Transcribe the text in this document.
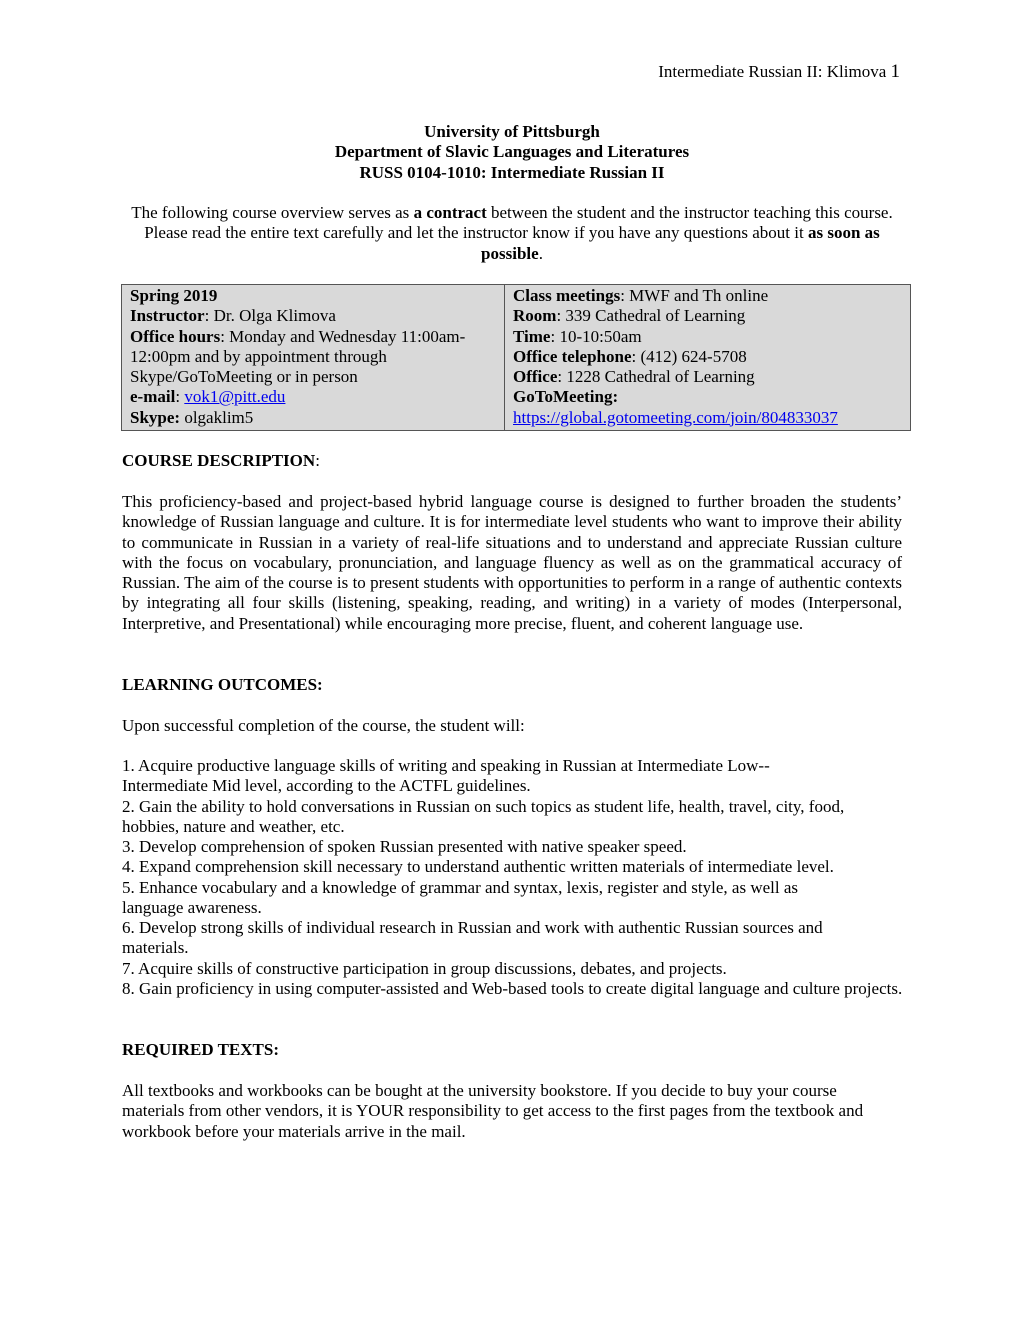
Intermediate Russian II: Klimova 1
University of Pittsburgh
Department of Slavic Languages and Literatures
RUSS 0104-1010: Intermediate Russian II
The following course overview serves as a contract between the student and the instructor teaching this course. Please read the entire text carefully and let the instructor know if you have any questions about it as soon as possible.
Spring 2019
Instructor: Dr. Olga Klimova
Office hours: Monday and Wednesday 11:00am-12:00pm and by appointment through Skype/GoToMeeting or in person
e-mail: vok1@pitt.edu
Skype: olgaklim5

Class meetings: MWF and Th online
Room: 339 Cathedral of Learning
Time: 10-10:50am
Office telephone: (412) 624-5708
Office: 1228 Cathedral of Learning
GoToMeeting:
https://global.gotomeeting.com/join/804833037
COURSE DESCRIPTION:

This proficiency-based and project-based hybrid language course is designed to further broaden the students’ knowledge of Russian language and culture. It is for intermediate level students who want to improve their ability to communicate in Russian in a variety of real-life situations and to understand and appreciate Russian culture with the focus on vocabulary, pronunciation, and language fluency as well as on the grammatical accuracy of Russian. The aim of the course is to present students with opportunities to perform in a range of authentic contexts by integrating all four skills (listening, speaking, reading, and writing) in a variety of modes (Interpersonal, Interpretive, and Presentational) while encouraging more precise, fluent, and coherent language use.

LEARNING OUTCOMES:

Upon successful completion of the course, the student will:

1. Acquire productive language skills of writing and speaking in Russian at Intermediate Low--Intermediate Mid level, according to the ACTFL guidelines.
2. Gain the ability to hold conversations in Russian on such topics as student life, health, travel, city, food, hobbies, nature and weather, etc.
3. Develop comprehension of spoken Russian presented with native speaker speed.
4. Expand comprehension skill necessary to understand authentic written materials of intermediate level.
5. Enhance vocabulary and a knowledge of grammar and syntax, lexis, register and style, as well as language awareness.
6. Develop strong skills of individual research in Russian and work with authentic Russian sources and materials.
7. Acquire skills of constructive participation in group discussions, debates, and projects.
8. Gain proficiency in using computer-assisted and Web-based tools to create digital language and culture projects.
REQUIRED TEXTS:

All textbooks and workbooks can be bought at the university bookstore. If you decide to buy your course materials from other vendors, it is YOUR responsibility to get access to the first pages from the textbook and workbook before your materials arrive in the mail.
